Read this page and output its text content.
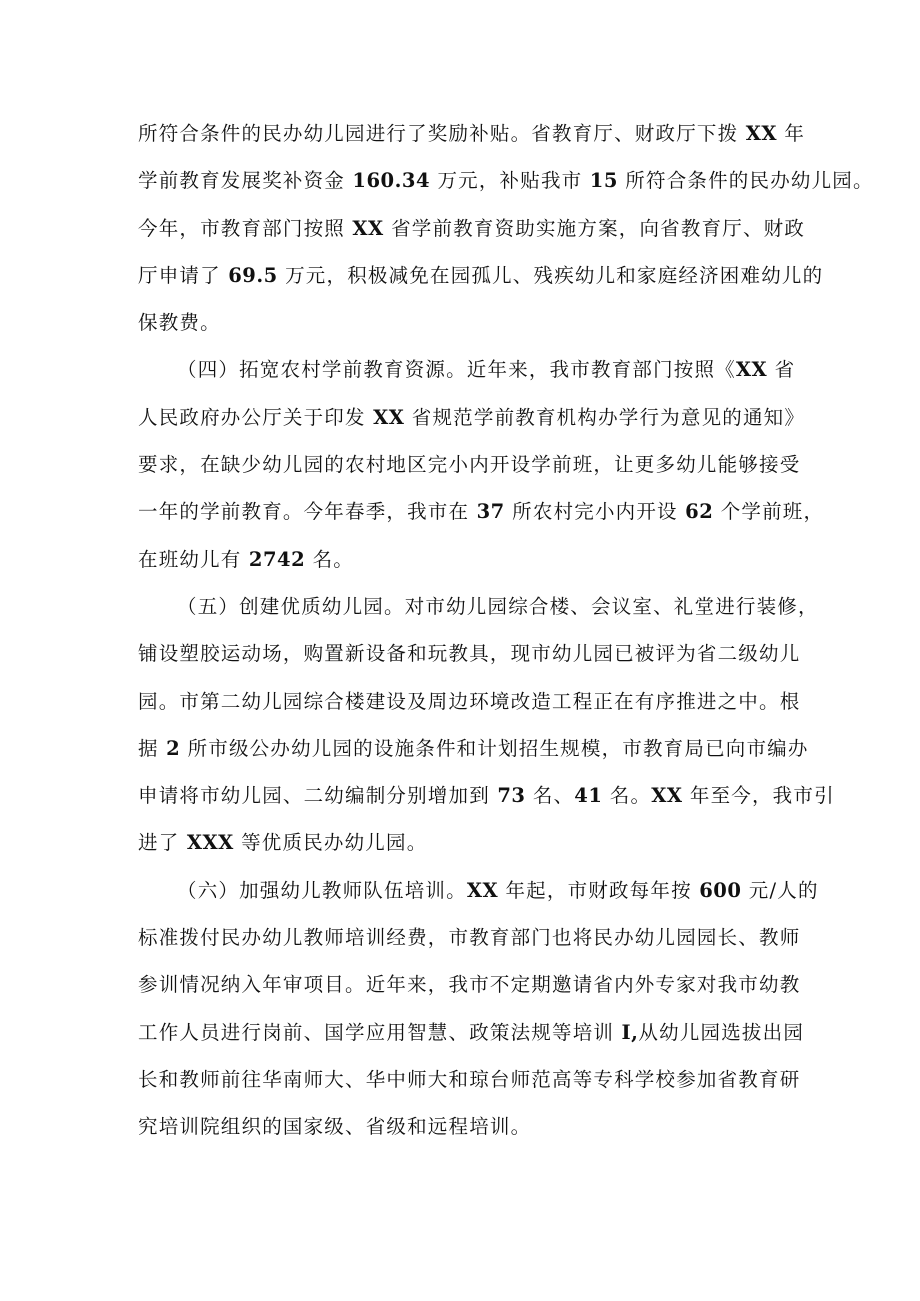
所符合条件的民办幼儿园进行了奖励补贴。省教育厅、财政厅下拨 XX 年
学前教育发展奖补资金 160.34 万元，补贴我市 15 所符合条件的民办幼儿园。
今年，市教育部门按照 XX 省学前教育资助实施方案，向省教育厅、财政
厅申请了 69.5 万元，积极减免在园孤儿、残疾幼儿和家庭经济困难幼儿的
保教费。
（四）拓宽农村学前教育资源。近年来，我市教育部门按照《XX 省
人民政府办公厅关于印发 XX 省规范学前教育机构办学行为意见的通知》
要求，在缺少幼儿园的农村地区完小内开设学前班，让更多幼儿能够接受
一年的学前教育。今年春季，我市在 37 所农村完小内开设 62 个学前班，
在班幼儿有 2742 名。
（五）创建优质幼儿园。对市幼儿园综合楼、会议室、礼堂进行装修，
铺设塑胶运动场，购置新设备和玩教具，现市幼儿园已被评为省二级幼儿
园。市第二幼儿园综合楼建设及周边环境改造工程正在有序推进之中。根
据 2 所市级公办幼儿园的设施条件和计划招生规模，市教育局已向市编办
申请将市幼儿园、二幼编制分别增加到 73 名、41 名。XX 年至今，我市引
进了 XXX 等优质民办幼儿园。
（六）加强幼儿教师队伍培训。XX 年起，市财政每年按 600 元/人的
标准拨付民办幼儿教师培训经费，市教育部门也将民办幼儿园园长、教师
参训情况纳入年审项目。近年来，我市不定期邀请省内外专家对我市幼教
工作人员进行岗前、国学应用智慧、政策法规等培训 I,从幼儿园选拔出园
长和教师前往华南师大、华中师大和琼台师范高等专科学校参加省教育研
究培训院组织的国家级、省级和远程培训。
